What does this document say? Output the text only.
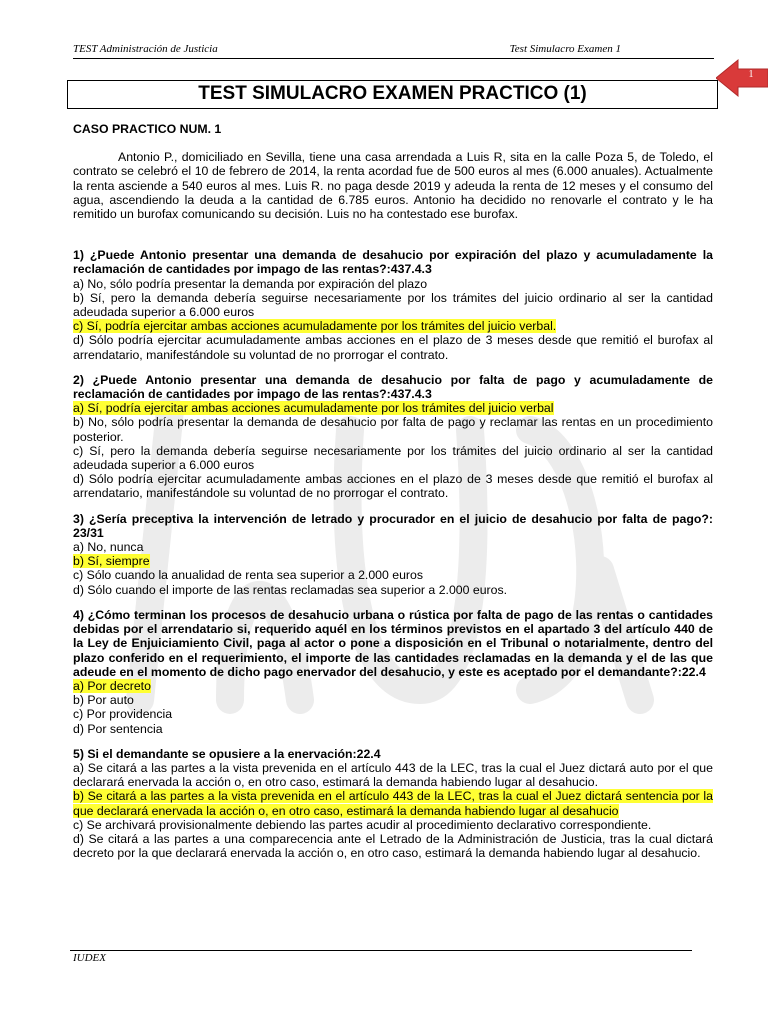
TEST Administración de Justicia	Test Simulacro Examen 1
1
TEST SIMULACRO EXAMEN PRACTICO (1)
CASO PRACTICO NUM. 1
Antonio P., domiciliado en Sevilla, tiene una casa arrendada a Luis R, sita en la calle Poza 5, de Toledo, el contrato se celebró el 10 de febrero de 2014, la renta acordad fue de 500 euros al mes (6.000 anuales). Actualmente la renta asciende a 540 euros al mes. Luis R. no paga desde 2019 y adeuda la renta de 12 meses y el consumo del agua, ascendiendo la deuda a la cantidad de 6.785 euros. Antonio ha decidido no renovarle el contrato y le ha remitido un burofax comunicando su decisión. Luis no ha contestado ese burofax.
1) ¿Puede Antonio presentar una demanda de desahucio por expiración del plazo y acumuladamente la reclamación de cantidades por impago de las rentas?:437.4.3
a) No, sólo podría presentar la demanda por expiración del plazo
b) Sí, pero la demanda debería seguirse necesariamente por los trámites del juicio ordinario al ser la cantidad adeudada superior a 6.000 euros
c) Sí, podría ejercitar ambas acciones acumuladamente por los trámites del juicio verbal.
d) Sólo podría ejercitar acumuladamente ambas acciones en el plazo de 3 meses desde que remitió el burofax al arrendatario, manifestándole su voluntad de no prorrogar el contrato.
2) ¿Puede Antonio presentar una demanda de desahucio por falta de pago y acumuladamente de reclamación de cantidades por impago de las rentas?:437.4.3
a) Sí, podría ejercitar ambas acciones acumuladamente por los trámites del juicio verbal
b) No, sólo podría presentar la demanda de desahucio por falta de pago y reclamar las rentas en un procedimiento posterior.
c) Sí, pero la demanda debería seguirse necesariamente por los trámites del juicio ordinario al ser la cantidad adeudada superior a 6.000 euros
d) Sólo podría ejercitar acumuladamente ambas acciones en el plazo de 3 meses desde que remitió el burofax al arrendatario, manifestándole su voluntad de no prorrogar el contrato.
3) ¿Sería preceptiva la intervención de letrado y procurador en el juicio de desahucio por falta de pago?: 23/31
a) No, nunca
b) Sí, siempre
c) Sólo cuando la anualidad de renta sea superior a 2.000 euros
d) Sólo cuando el importe de las rentas reclamadas sea superior a 2.000 euros.
4) ¿Cómo terminan los procesos de desahucio urbana o rústica por falta de pago de las rentas o cantidades debidas por el arrendatario si, requerido aquél en los términos previstos en el apartado 3 del artículo 440 de la Ley de Enjuiciamiento Civil, paga al actor o pone a disposición en el Tribunal o notarialmente, dentro del plazo conferido en el requerimiento, el importe de las cantidades reclamadas en la demanda y el de las que adeude en el momento de dicho pago enervador del desahucio, y este es aceptado por el demandante?:22.4
a) Por decreto
b) Por auto
c) Por providencia
d) Por sentencia
5) Si el demandante se opusiere a la enervación:22.4
a) Se citará a las partes a la vista prevenida en el artículo 443 de la LEC, tras la cual el Juez dictará auto por el que declarará enervada la acción o, en otro caso, estimará la demanda habiendo lugar al desahucio.
b) Se citará a las partes a la vista prevenida en el artículo 443 de la LEC, tras la cual el Juez dictará sentencia por la que declarará enervada la acción o, en otro caso, estimará la demanda habiendo lugar al desahucio
c) Se archivará provisionalmente debiendo las partes acudir al procedimiento declarativo correspondiente.
d) Se citará a las partes a una comparecencia ante el Letrado de la Administración de Justicia, tras la cual dictará decreto por la que declarará enervada la acción o, en otro caso, estimará la demanda habiendo lugar al desahucio.
IUDEX
